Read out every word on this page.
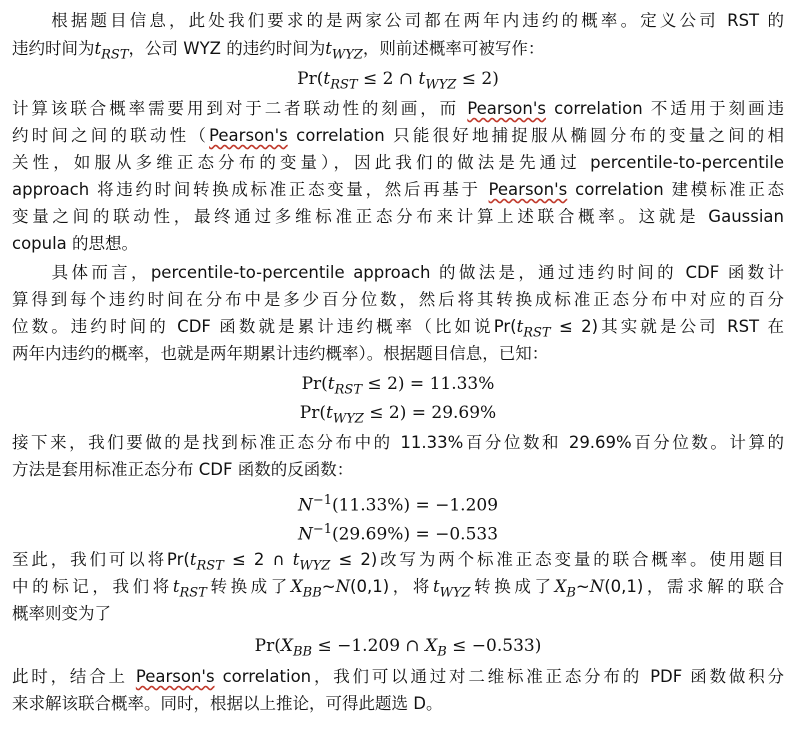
　　根据题目信息，此处我们要求的是两家公司都在两年内违约的概率。定义公司 RST 的
违约时间为$t_{RST}$，公司 WYZ 的违约时间为$t_{WYZ}$，则前述概率可被写作：
$Pr(t_{RST} \le 2$ ∩ $t_{WYZ} \le 2$)
计算该联合概率需要用到对于二者联动性的刻画，而 Pearson's correlation 不适用于刻画违
约时间之间的联动性（Pearson's correlation 只能很好地捕捉服从椭圆分布的变量之间的相
关性，如服从多维正态分布的变量），因此我们的做法是先通过 percentile-to-percentile
approach 将违约时间转换成标准正态变量，然后再基于 Pearson's correlation 建模标准正态
变量之间的联动性，最终通过多维标准正态分布来计算上述联合概率。这就是 Gaussian
copula 的思想。
　　具体而言，percentile-to-percentile approach 的做法是，通过违约时间的 CDF 函数计
算得到每个违约时间在分布中是多少百分位数，然后将其转换成标准正态分布中对应的百分
位数。违约时间的 CDF 函数就是累计违约概率（比如说$Pr(t_{RST} \le 2)$其实就是公司 RST 在
两年内违约的概率，也就是两年期累计违约概率）。根据题目信息，已知：
$Pr(t_{RST} \le 2) = 11.33\%$
$Pr(t_{WYZ} \le 2) = 29.69\%$
接下来，我们要做的是找到标准正态分布中的 11.33%百分位数和 29.69%百分位数。计算的
方法是套用标准正态分布 CDF 函数的反函数：
$N^{-1}(11.33\%) = -1.209$
$N^{-1}(29.69\%) = -0.533$
至此，我们可以将$Pr(t_{RST} \le 2$ ∩ $t_{WYZ} \le 2$)改写为两个标准正态变量的联合概率。使用题目
中的标记，我们将$t_{RST}$转换成了$X_{BB}\sim N(0,1)$，将$t_{WYZ}$转换成了$X_B\sim N(0,1)$，需求解的联合
概率则变为了
$Pr(X_{BB} \le -1.209$ ∩ $X_B \le -0.533$)
此时，结合上 Pearson's correlation，我们可以通过对二维标准正态分布的 PDF 函数做积分
来求解该联合概率。同时，根据以上推论，可得此题选 D。
